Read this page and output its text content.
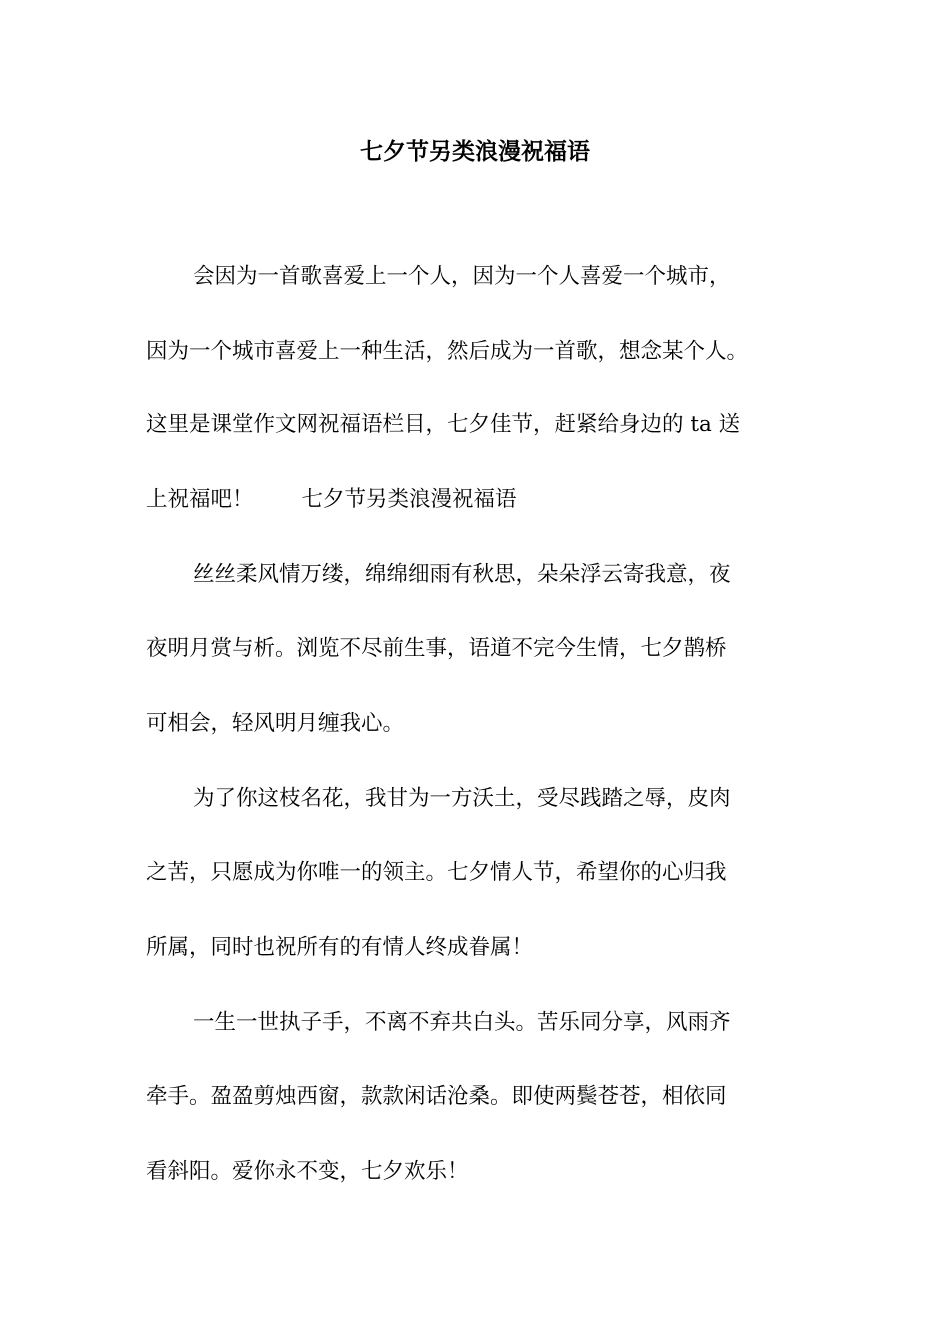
七夕节另类浪漫祝福语
会因为一首歌喜爱上一个人，因为一个人喜爱一个城市，
因为一个城市喜爱上一种生活，然后成为一首歌，想念某个人。
这里是课堂作文网祝福语栏目，七夕佳节，赶紧给身边的 ta 送
上祝福吧！ 七夕节另类浪漫祝福语
丝丝柔风情万缕，绵绵细雨有秋思，朵朵浮云寄我意，夜
夜明月赏与析。浏览不尽前生事，语道不完今生情，七夕鹊桥
可相会，轻风明月缠我心。
为了你这枝名花，我甘为一方沃土，受尽践踏之辱，皮肉
之苦，只愿成为你唯一的领主。七夕情人节，希望你的心归我
所属，同时也祝所有的有情人终成眷属！
一生一世执子手，不离不弃共白头。苦乐同分享，风雨齐
牵手。盈盈剪烛西窗，款款闲话沧桑。即使两鬓苍苍，相依同
看斜阳。爱你永不变，七夕欢乐！
